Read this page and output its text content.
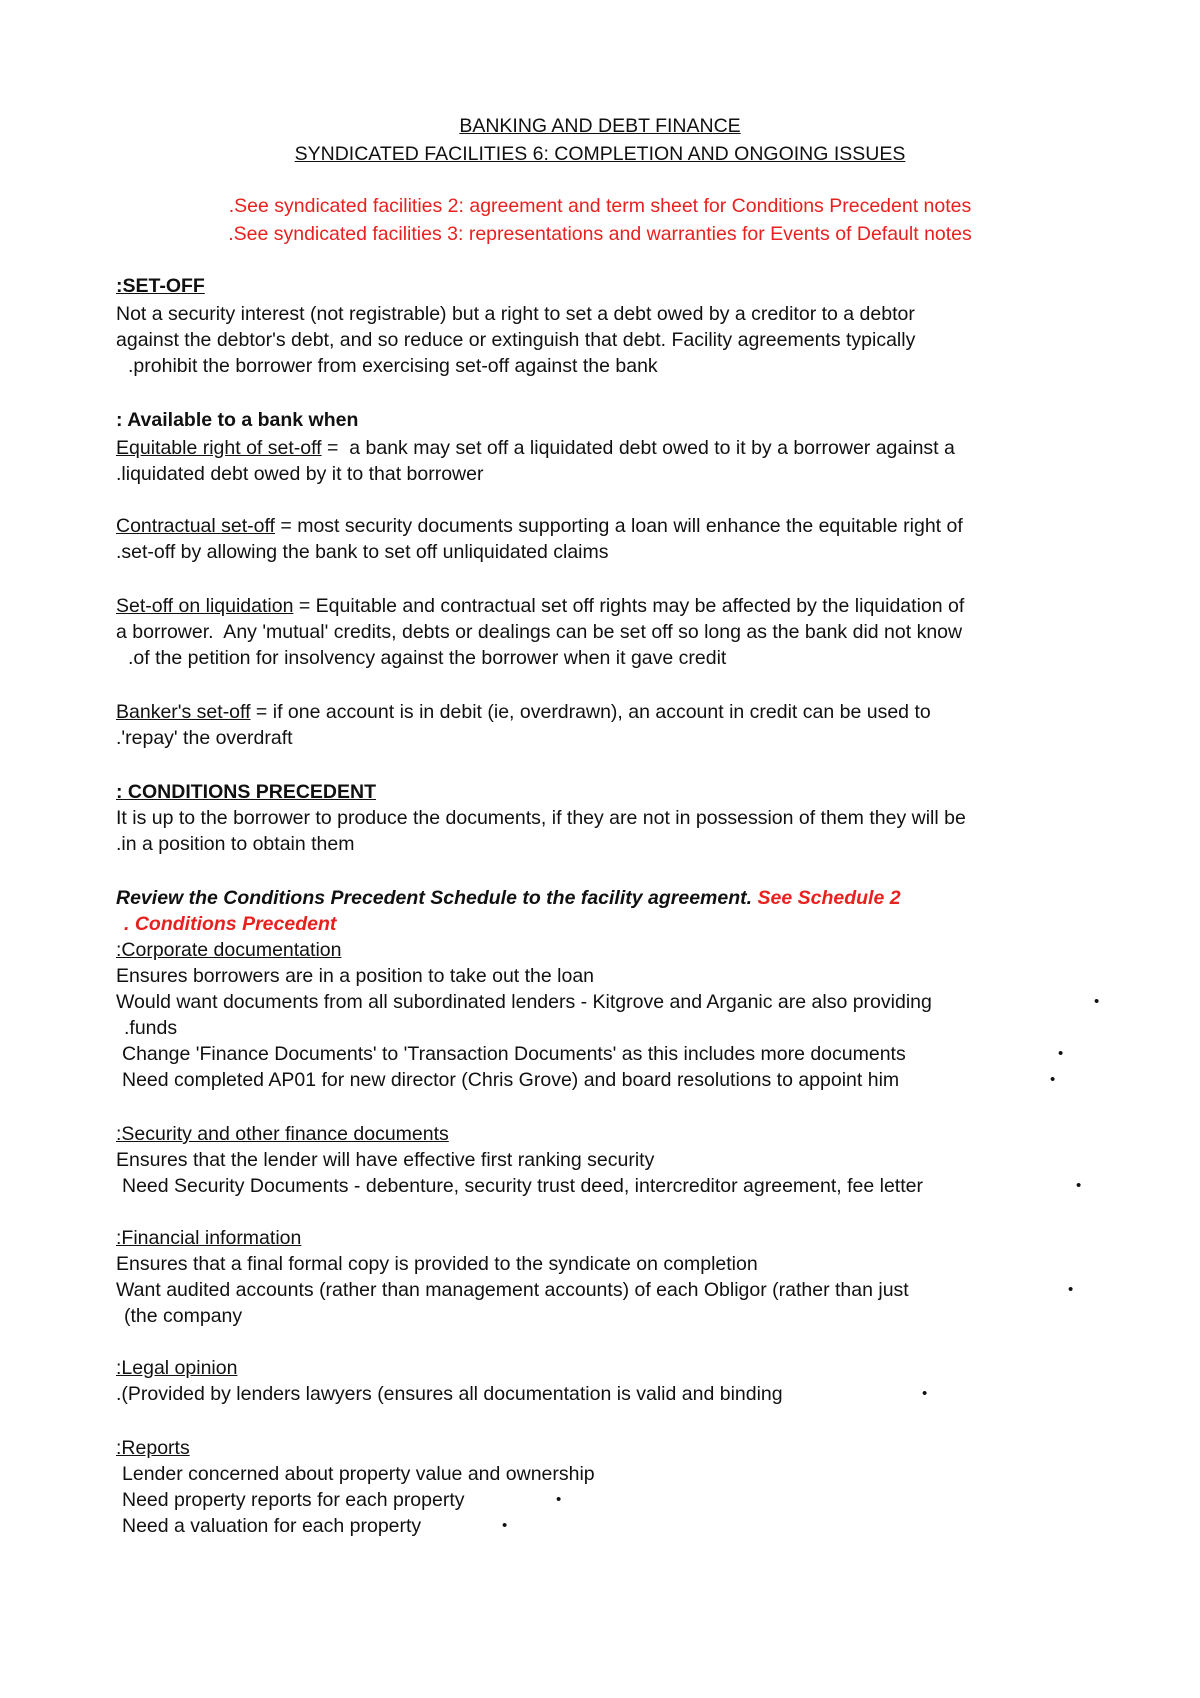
BANKING AND DEBT FINANCE
SYNDICATED FACILITIES 6: COMPLETION AND ONGOING ISSUES
.See syndicated facilities 2: agreement and term sheet for Conditions Precedent notes
.See syndicated facilities 3: representations and warranties for Events of Default notes
:SET-OFF
Not a security interest (not registrable) but a right to set a debt owed by a creditor to a debtor
against the debtor's debt, and so reduce or extinguish that debt. Facility agreements typically
.prohibit the borrower from exercising set-off against the bank
: Available to a bank when
Equitable right of set-off =  a bank may set off a liquidated debt owed to it by a borrower against a
.liquidated debt owed by it to that borrower
Contractual set-off = most security documents supporting a loan will enhance the equitable right of
.set-off by allowing the bank to set off unliquidated claims
Set-off on liquidation = Equitable and contractual set off rights may be affected by the liquidation of
a borrower.  Any 'mutual' credits, debts or dealings can be set off so long as the bank did not know
.of the petition for insolvency against the borrower when it gave credit
Banker's set-off = if one account is in debit (ie, overdrawn), an account in credit can be used to
.'repay' the overdraft
: CONDITIONS PRECEDENT
It is up to the borrower to produce the documents, if they are not in possession of them they will be
.in a position to obtain them
Review the Conditions Precedent Schedule to the facility agreement. See Schedule 2
. Conditions Precedent
:Corporate documentation
Ensures borrowers are in a position to take out the loan
Would want documents from all subordinated lenders - Kitgrove and Arganic are also providing	•
.funds
Change 'Finance Documents' to 'Transaction Documents' as this includes more documents	•
Need completed AP01 for new director (Chris Grove) and board resolutions to appoint him	•
:Security and other finance documents
Ensures that the lender will have effective first ranking security
Need Security Documents - debenture, security trust deed, intercreditor agreement, fee letter	•
:Financial information
Ensures that a final formal copy is provided to the syndicate on completion
Want audited accounts (rather than management accounts) of each Obligor (rather than just	•
(the company
:Legal opinion
.(Provided by lenders lawyers (ensures all documentation is valid and binding	•
:Reports
Lender concerned about property value and ownership
Need property reports for each property	•
Need a valuation for each property	•
